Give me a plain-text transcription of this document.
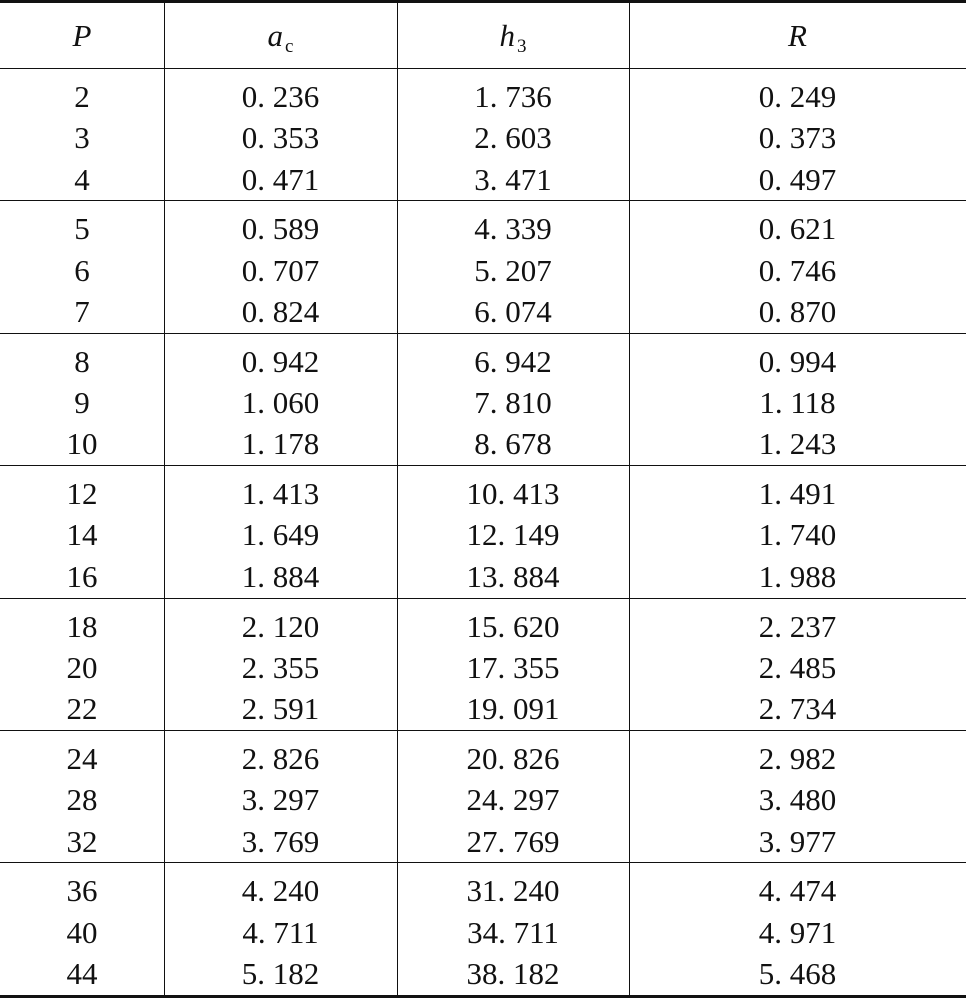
P	a $_c$	h $_3$	R
2	0. 236	1. 736	0. 249
3	0. 353	2. 603	0. 373
4	0. 471	3. 471	0. 497
5	0. 589	4. 339	0. 621
6	0. 707	5. 207	0. 746
7	0. 824	6. 074	0. 870
8	0. 942	6. 942	0. 994
9	1. 060	7. 810	1. 118
10	1. 178	8. 678	1. 243
12	1. 413	10. 413	1. 491
14	1. 649	12. 149	1. 740
16	1. 884	13. 884	1. 988
18	2. 120	15. 620	2. 237
20	2. 355	17. 355	2. 485
22	2. 591	19. 091	2. 734
24	2. 826	20. 826	2. 982
28	3. 297	24. 297	3. 480
32	3. 769	27. 769	3. 977
36	4. 240	31. 240	4. 474
40	4. 711	34. 711	4. 971
44	5. 182	38. 182	5. 468
